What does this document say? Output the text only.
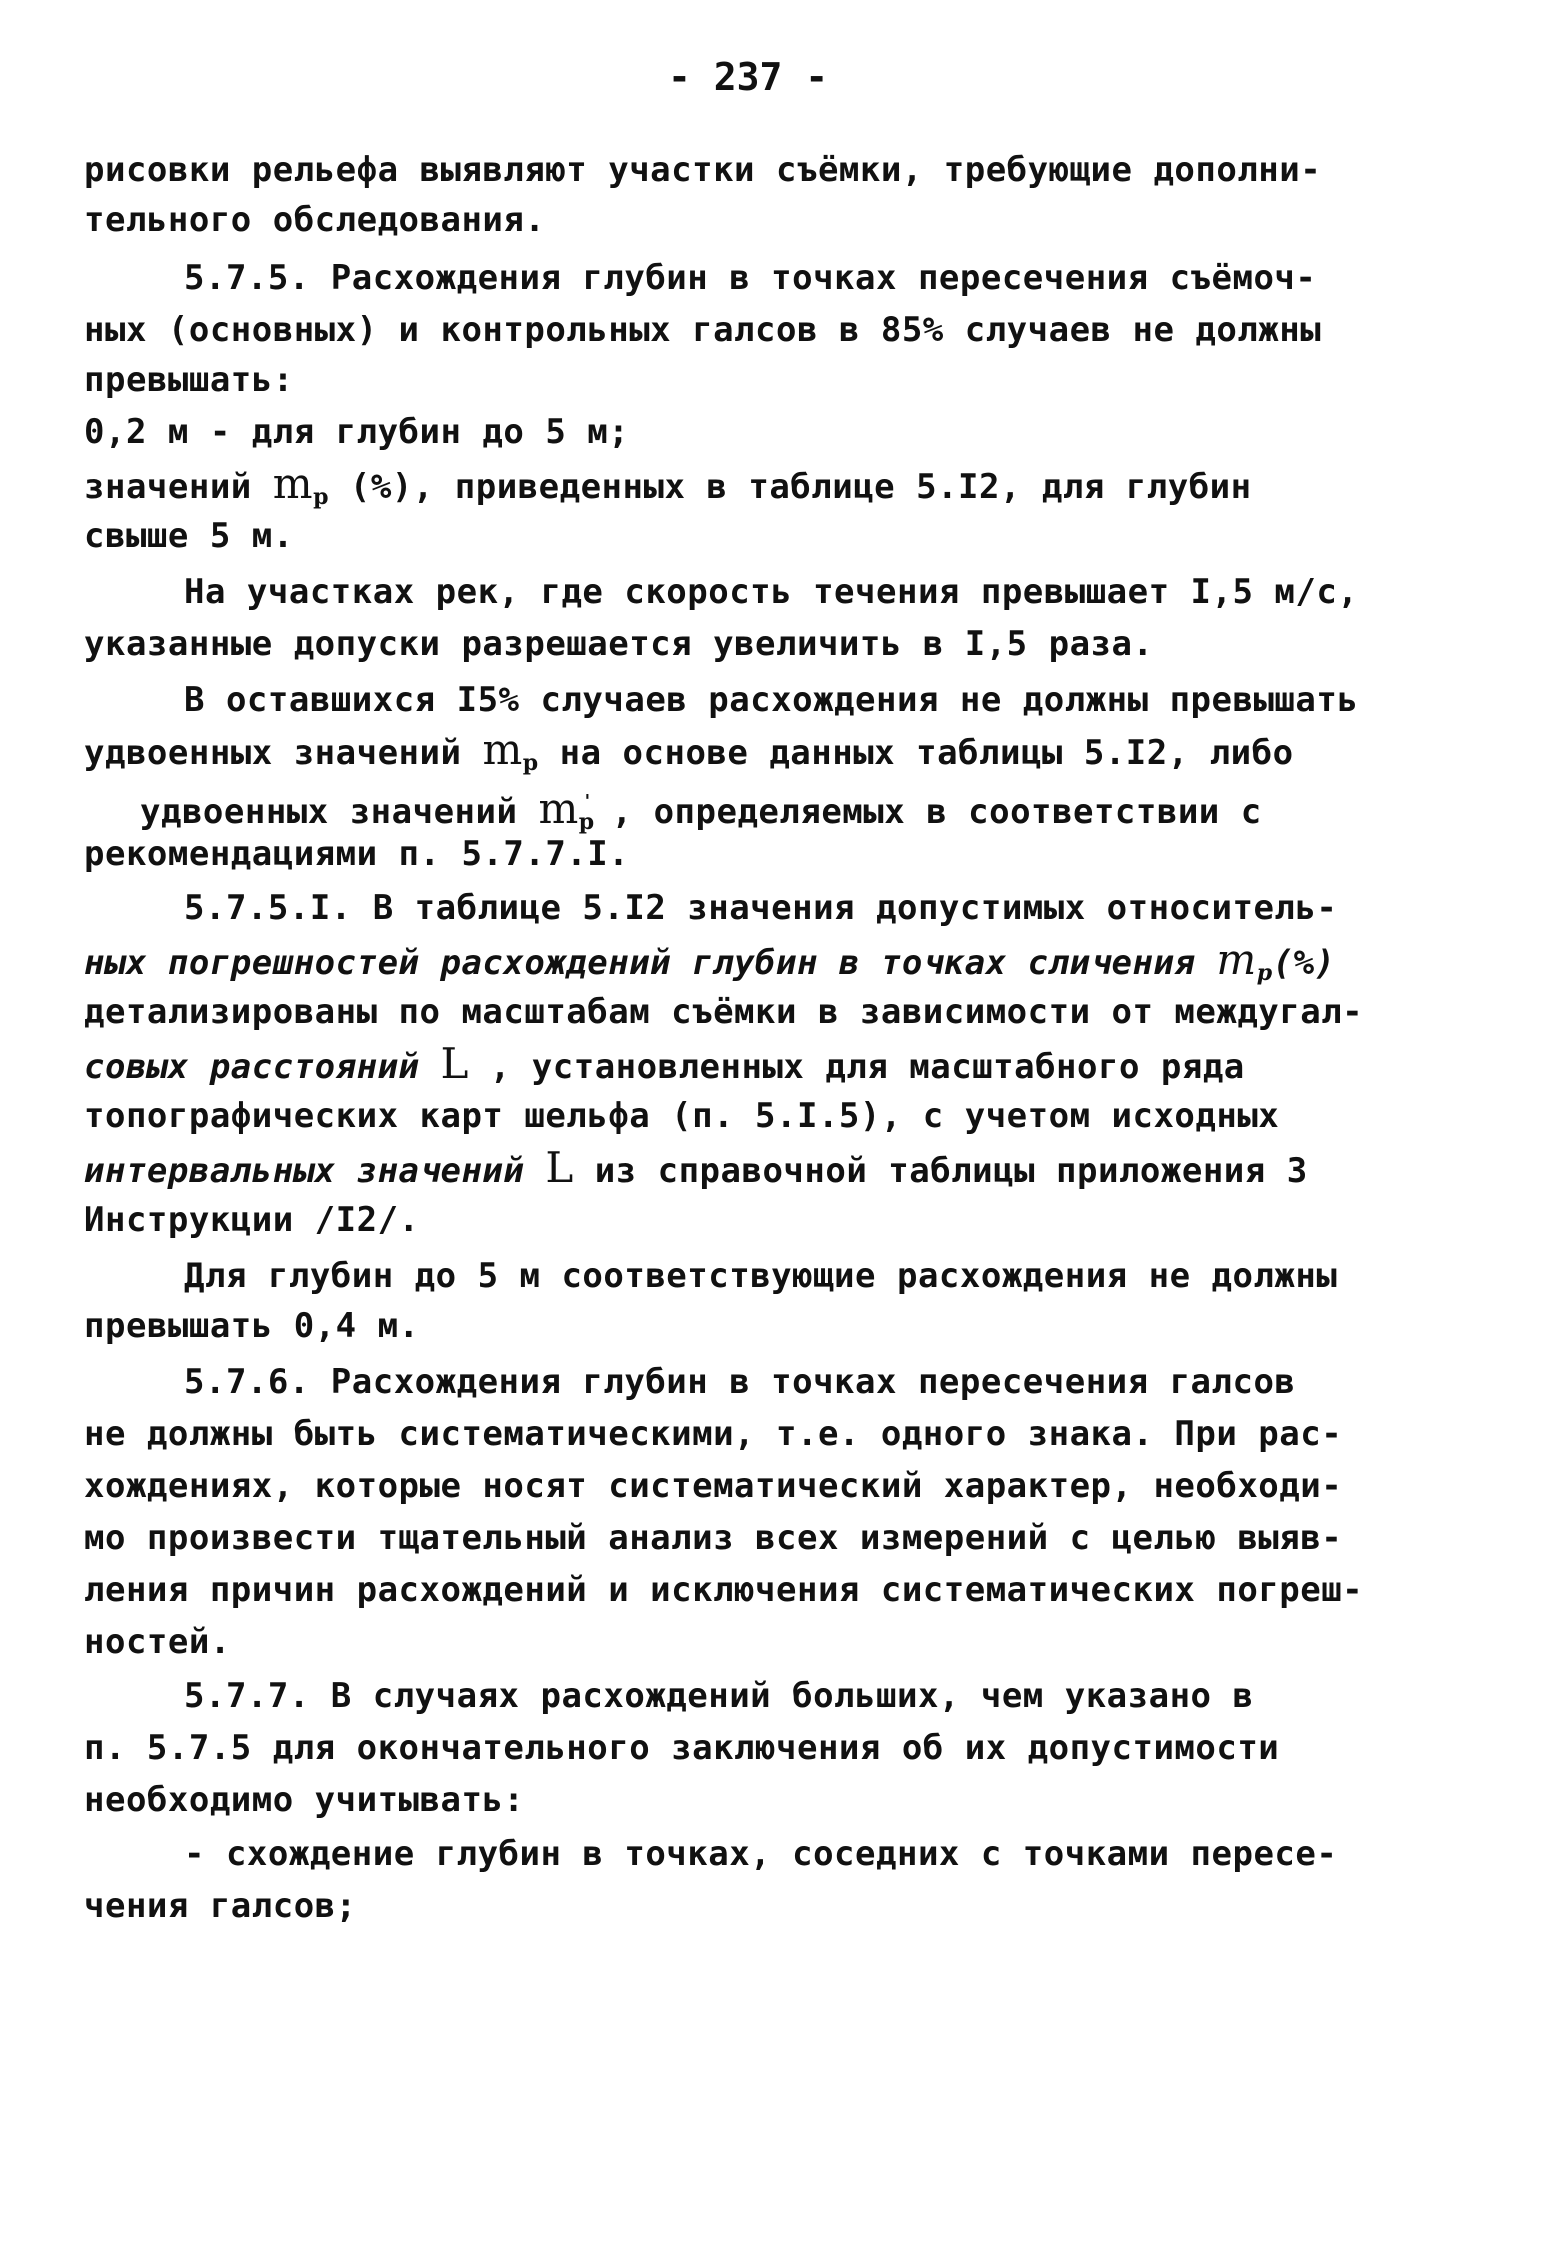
- 237 -
рисовки рельефа выявляют участки съёмки, требующие дополни-
тельного обследования.
5.7.5. Расхождения глубин в точках пересечения съёмоч-
ных (основных) и контрольных галсов в 85% случаев не должны
превышать:
0,2 м - для глубин до 5 м;
значений $m_p$ (%), приведенных в таблице 5.I2, для глубин
свыше 5 м.
На участках рек, где скорость течения превышает I,5 м/с,
указанные допуски разрешается увеличить в I,5 раза.
В оставшихся I5% случаев расхождения не должны превышать
удвоенных значений $m_p$ на основе данных таблицы 5.I2, либо
удвоенных значений $m_p'$ , определяемых в соответствии с
рекомендациями п. 5.7.7.I.
5.7.5.I. В таблице 5.I2 значения допустимых относитель-
ных погрешностей расхождений глубин в точках сличения $m_p(\%)$
детализированы по масштабам съёмки в зависимости от междугал-
совых расстояний L , установленных для масштабного ряда
топографических карт шельфа (п. 5.I.5), с учетом исходных
интервальных значений L из справочной таблицы приложения 3
Инструкции /I2/.
Для глубин до 5 м соответствующие расхождения не должны
превышать 0,4 м.
5.7.6. Расхождения глубин в точках пересечения галсов
не должны быть систематическими, т.е. одного знака. При рас-
хождениях, которые носят систематический характер, необходи-
мо произвести тщательный анализ всех измерений с целью выяв-
ления причин расхождений и исключения систематических погреш-
ностей.
5.7.7. В случаях расхождений больших, чем указано в
п. 5.7.5 для окончательного заключения об их допустимости
необходимо учитывать:
- схождение глубин в точках, соседних с точками пересе-
чения галсов;
